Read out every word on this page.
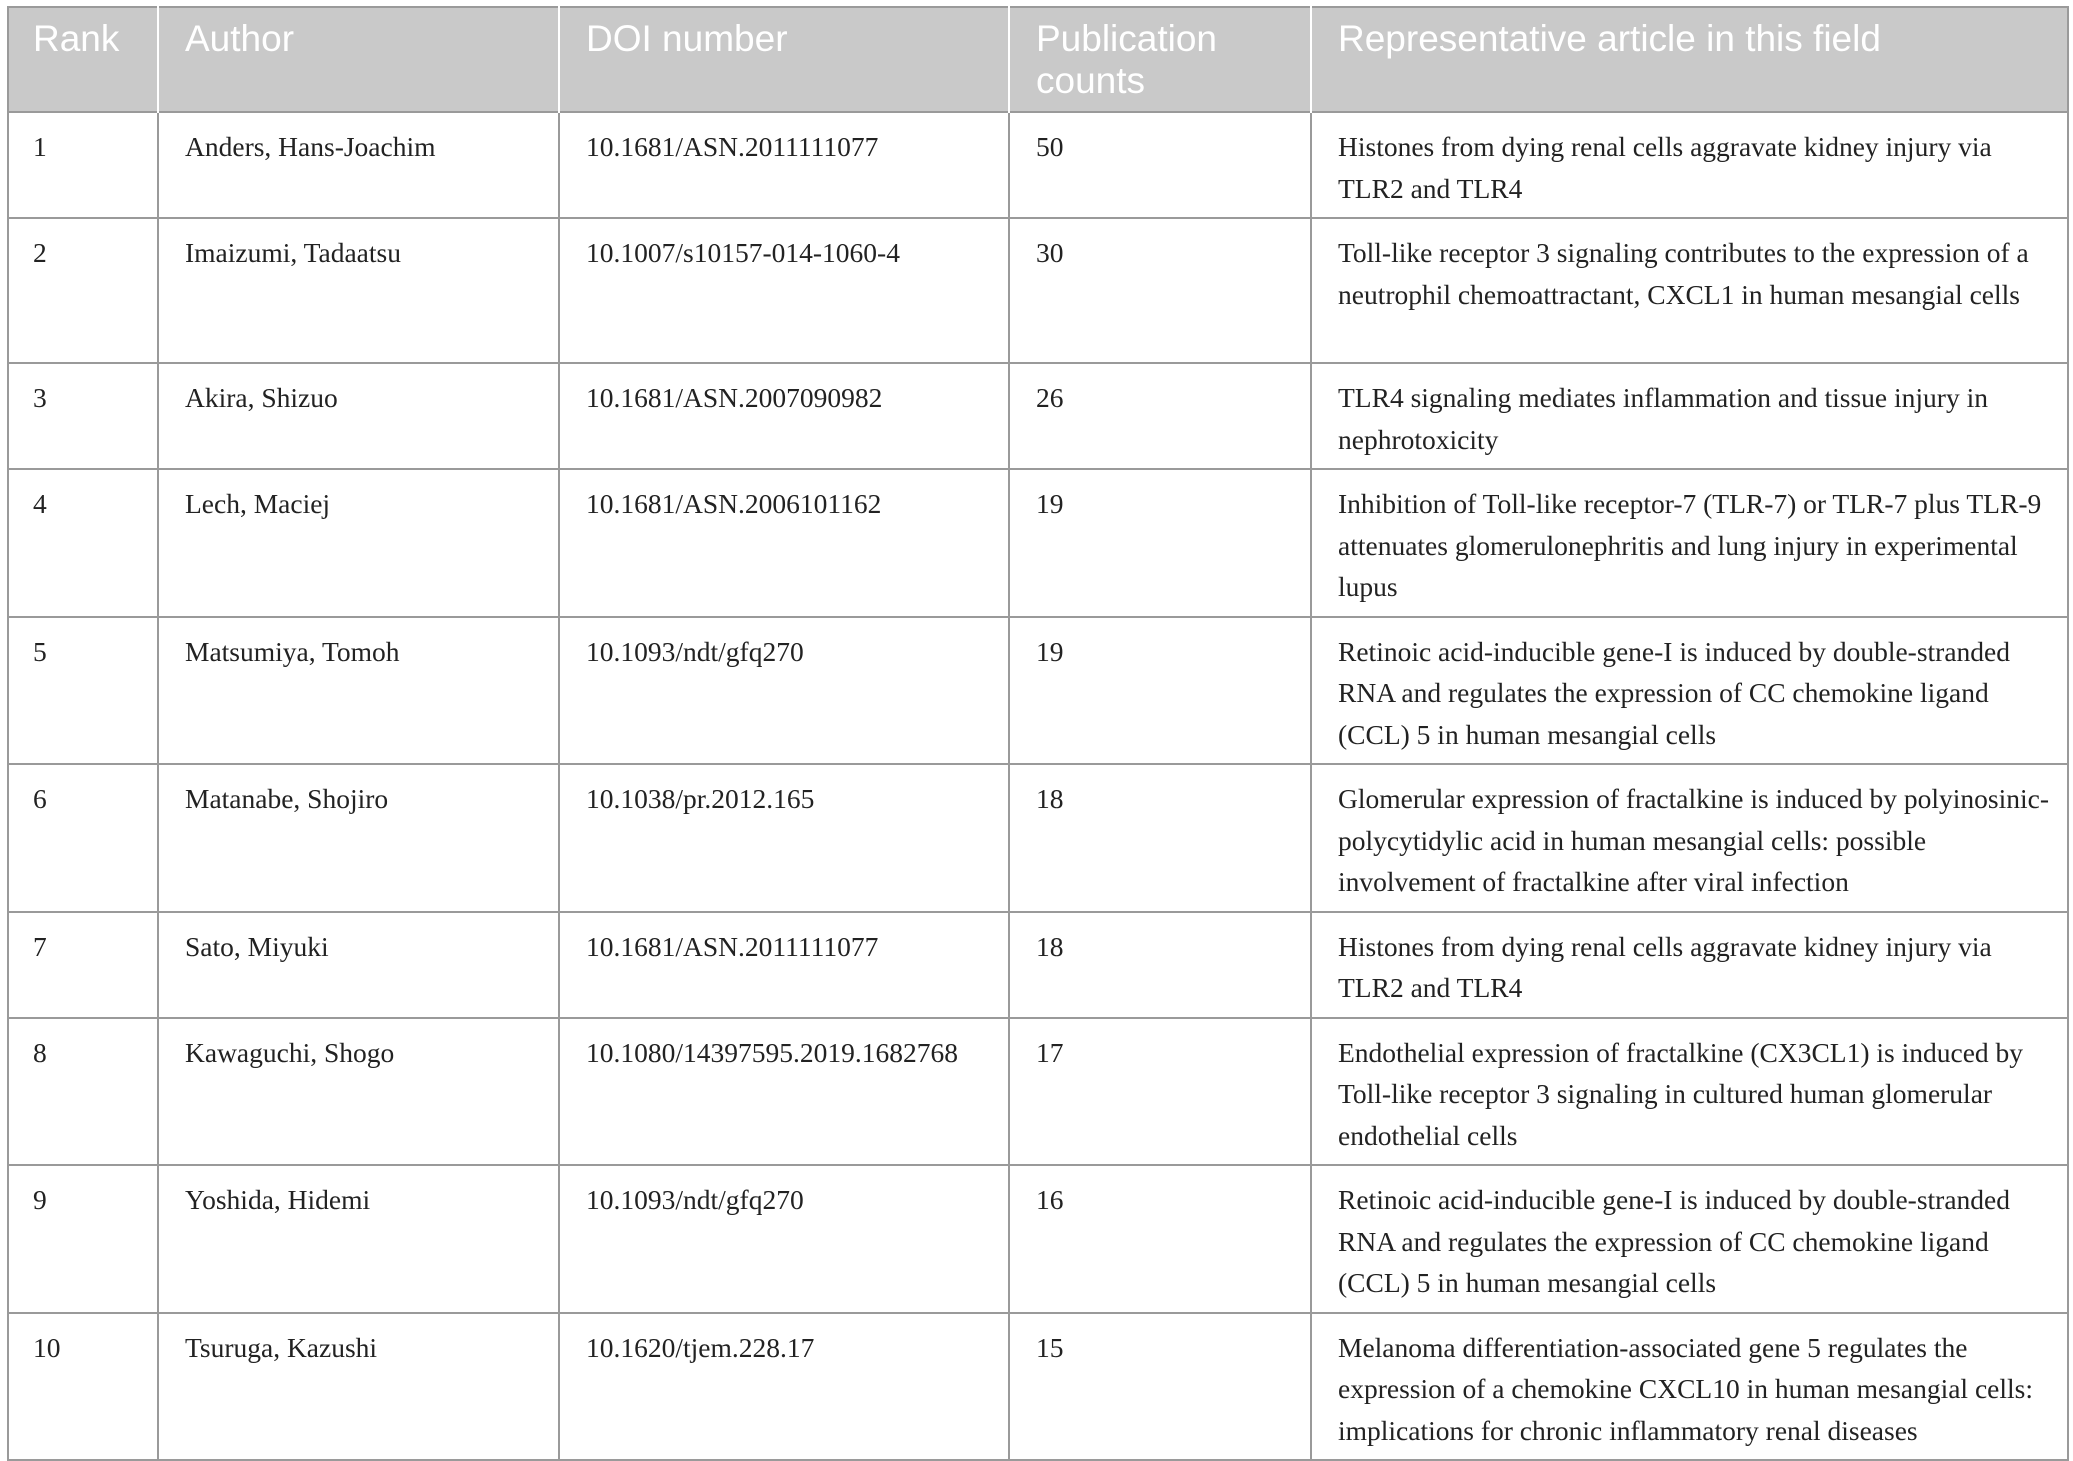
Rank	Author	DOI number	Publication counts	Representative article in this field
1	Anders, Hans-Joachim	10.1681/ASN.2011111077	50	Histones from dying renal cells aggravate kidney injury via TLR2 and TLR4
2	Imaizumi, Tadaatsu	10.1007/s10157-014-1060-4	30	Toll-like receptor 3 signaling contributes to the expression of a neutrophil chemoattractant, CXCL1 in human mesangial cells
3	Akira, Shizuo	10.1681/ASN.2007090982	26	TLR4 signaling mediates inflammation and tissue injury in nephrotoxicity
4	Lech, Maciej	10.1681/ASN.2006101162	19	Inhibition of Toll-like receptor-7 (TLR-7) or TLR-7 plus TLR-9 attenuates glomerulonephritis and lung injury in experimental lupus
5	Matsumiya, Tomoh	10.1093/ndt/gfq270	19	Retinoic acid-inducible gene-I is induced by double-stranded RNA and regulates the expression of CC chemokine ligand (CCL) 5 in human mesangial cells
6	Matanabe, Shojiro	10.1038/pr.2012.165	18	Glomerular expression of fractalkine is induced by polyinosinic-polycytidylic acid in human mesangial cells: possible involvement of fractalkine after viral infection
7	Sato, Miyuki	10.1681/ASN.2011111077	18	Histones from dying renal cells aggravate kidney injury via TLR2 and TLR4
8	Kawaguchi, Shogo	10.1080/14397595.2019.1682768	17	Endothelial expression of fractalkine (CX3CL1) is induced by Toll-like receptor 3 signaling in cultured human glomerular endothelial cells
9	Yoshida, Hidemi	10.1093/ndt/gfq270	16	Retinoic acid-inducible gene-I is induced by double-stranded RNA and regulates the expression of CC chemokine ligand (CCL) 5 in human mesangial cells
10	Tsuruga, Kazushi	10.1620/tjem.228.17	15	Melanoma differentiation-associated gene 5 regulates the expression of a chemokine CXCL10 in human mesangial cells: implications for chronic inflammatory renal diseases
